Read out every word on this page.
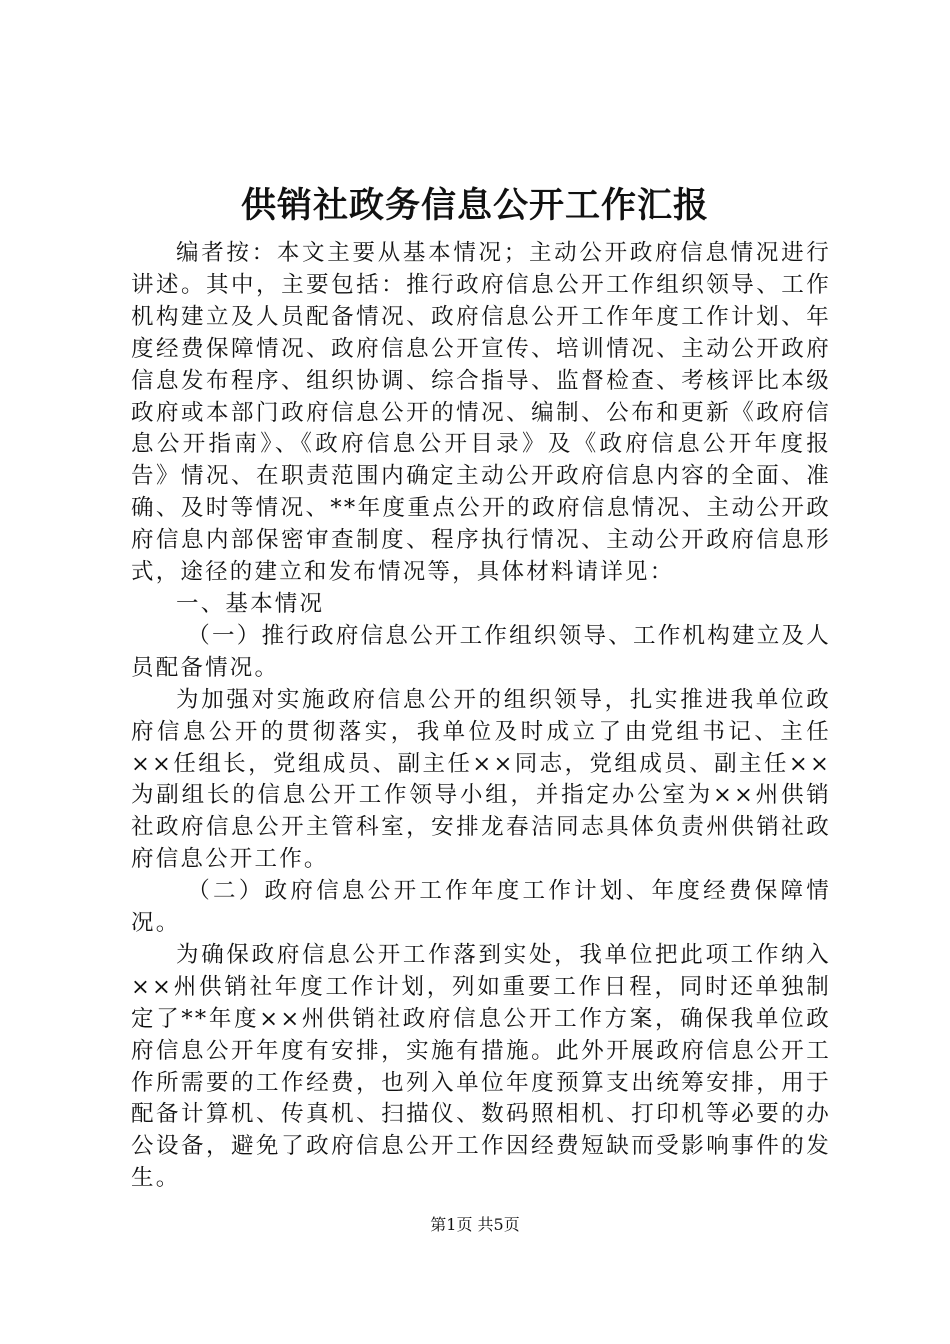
供销社政务信息公开工作汇报

编者按：本文主要从基本情况；主动公开政府信息情况进行讲述。其中，主要包括：推行政府信息公开工作组织领导、工作机构建立及人员配备情况、政府信息公开工作年度工作计划、年度经费保障情况、政府信息公开宣传、培训情况、主动公开政府信息发布程序、组织协调、综合指导、监督检查、考核评比本级政府或本部门政府信息公开的情况、编制、公布和更新《政府信息公开指南》、《政府信息公开目录》及《政府信息公开年度报告》情况、在职责范围内确定主动公开政府信息内容的全面、准确、及时等情况、**年度重点公开的政府信息情况、主动公开政府信息内部保密审查制度、程序执行情况、主动公开政府信息形式，途径的建立和发布情况等，具体材料请详见：

一、基本情况

（一）推行政府信息公开工作组织领导、工作机构建立及人员配备情况。

为加强对实施政府信息公开的组织领导，扎实推进我单位政府信息公开的贯彻落实，我单位及时成立了由党组书记、主任××任组长，党组成员、副主任××同志，党组成员、副主任××为副组长的信息公开工作领导小组，并指定办公室为××州供销社政府信息公开主管科室，安排龙春洁同志具体负责州供销社政府信息公开工作。

（二）政府信息公开工作年度工作计划、年度经费保障情况。

为确保政府信息公开工作落到实处，我单位把此项工作纳入××州供销社年度工作计划，列如重要工作日程，同时还单独制定了**年度××州供销社政府信息公开工作方案，确保我单位政府信息公开年度有安排，实施有措施。此外开展政府信息公开工作所需要的工作经费，也列入单位年度预算支出统筹安排，用于配备计算机、传真机、扫描仪、数码照相机、打印机等必要的办公设备，避免了政府信息公开工作因经费短缺而受影响事件的发生。

第1页 共5页
